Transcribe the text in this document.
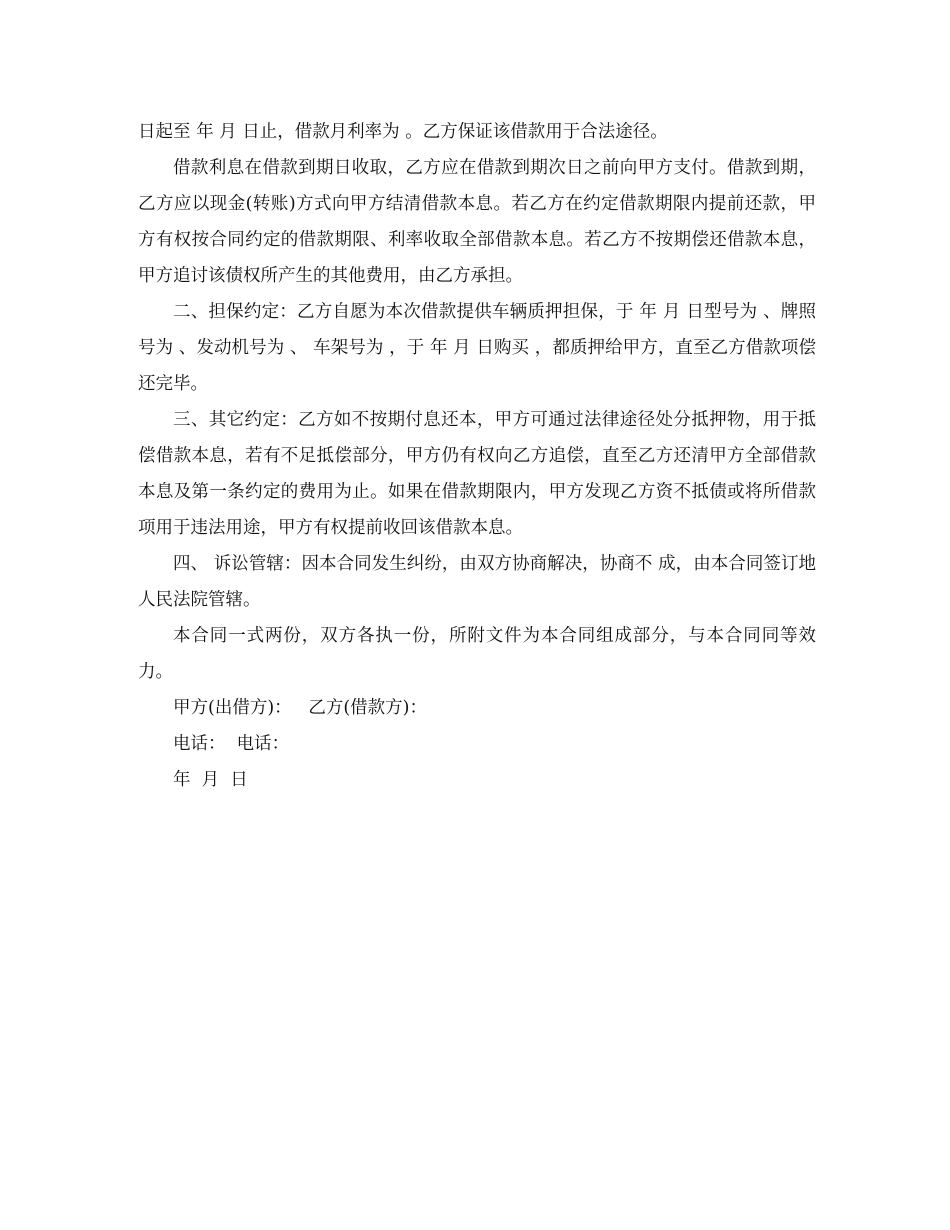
日起至 年 月 日止，借款月利率为 。乙方保证该借款用于合法途径。

借款利息在借款到期日收取，乙方应在借款到期次日之前向甲方支付。借款到期，乙方应以现金(转账)方式向甲方结清借款本息。若乙方在约定借款期限内提前还款，甲方有权按合同约定的借款期限、利率收取全部借款本息。若乙方不按期偿还借款本息，甲方追讨该债权所产生的其他费用，由乙方承担。

二、担保约定：乙方自愿为本次借款提供车辆质押担保，于 年 月 日型号为 、牌照号为 、发动机号为 、 车架号为 ，于 年 月 日购买 ，都质押给甲方，直至乙方借款项偿还完毕。

三、其它约定：乙方如不按期付息还本，甲方可通过法律途径处分抵押物，用于抵偿借款本息，若有不足抵偿部分，甲方仍有权向乙方追偿，直至乙方还清甲方全部借款本息及第一条约定的费用为止。如果在借款期限内，甲方发现乙方资不抵债或将所借款项用于违法用途，甲方有权提前收回该借款本息。

四、 诉讼管辖：因本合同发生纠纷，由双方协商解决，协商不 成，由本合同签订地人民法院管辖。

本合同一式两份，双方各执一份，所附文件为本合同组成部分，与本合同同等效力。

甲方(出借方)：   乙方(借款方)：

电话：  电话：

年  月  日
